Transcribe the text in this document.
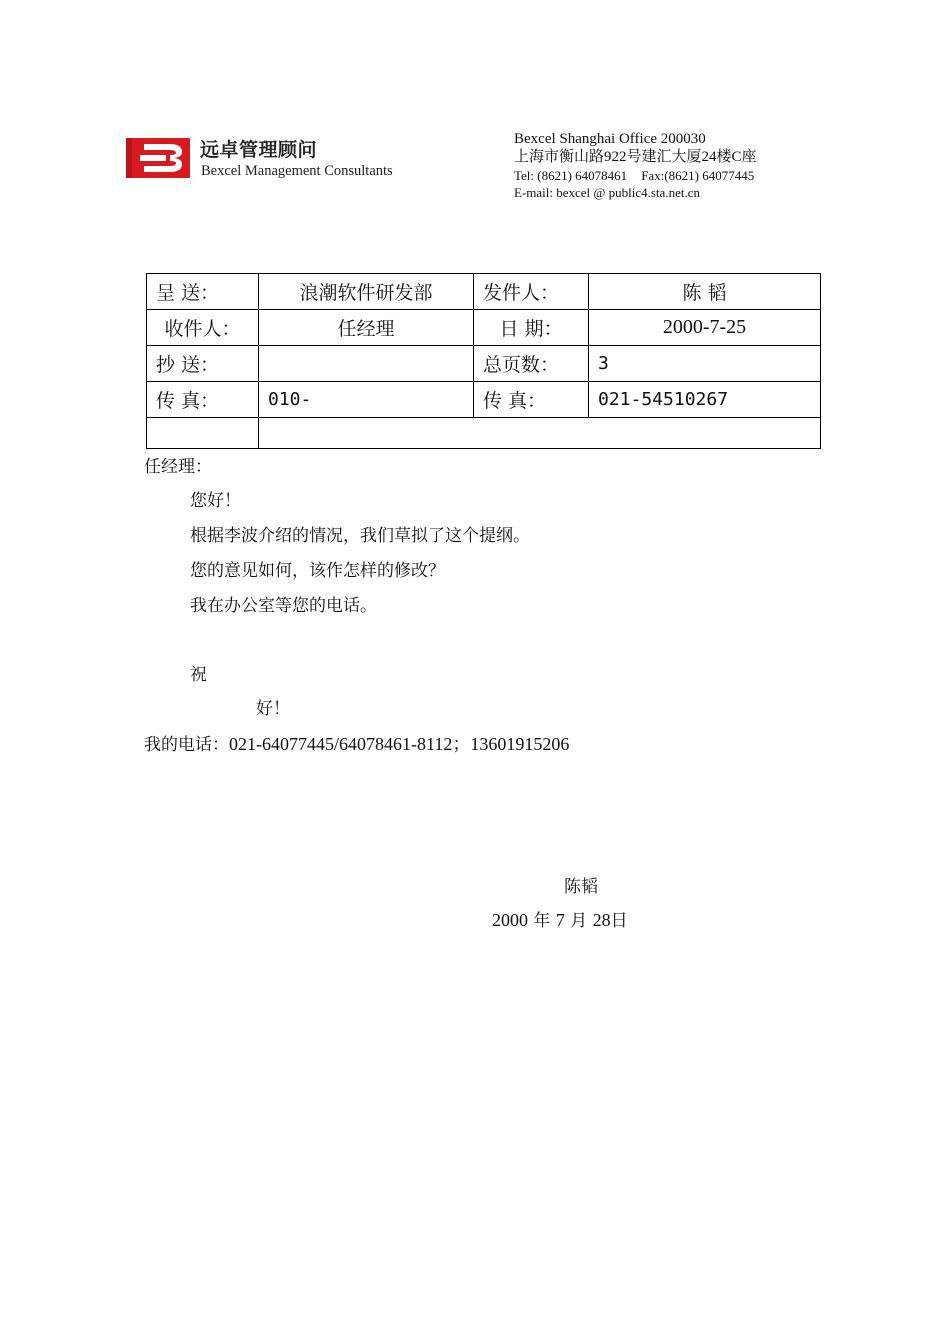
远卓管理顾问
Bexcel Management Consultants
Bexcel Shanghai Office 200030
上海市衡山路922号建汇大厦24楼C座
Tel: (8621) 64078461 Fax:(8621) 64077445
E-mail: bexcel @ public4.sta.net.cn
呈 送：	浪潮软件研发部	发件人：	陈 韬
收件人：	任经理	日 期：	2000-7-25
抄 送：		总页数：	3
传 真：	010-	传 真：	021-54510267

任经理：
您好！
根据李波介绍的情况，我们草拟了这个提纲。
您的意见如何，该作怎样的修改？
我在办公室等您的电话。
祝
好！
我的电话：021-64077445/64078461-8112；13601915206
陈韬
2000 年 7 月 28日
